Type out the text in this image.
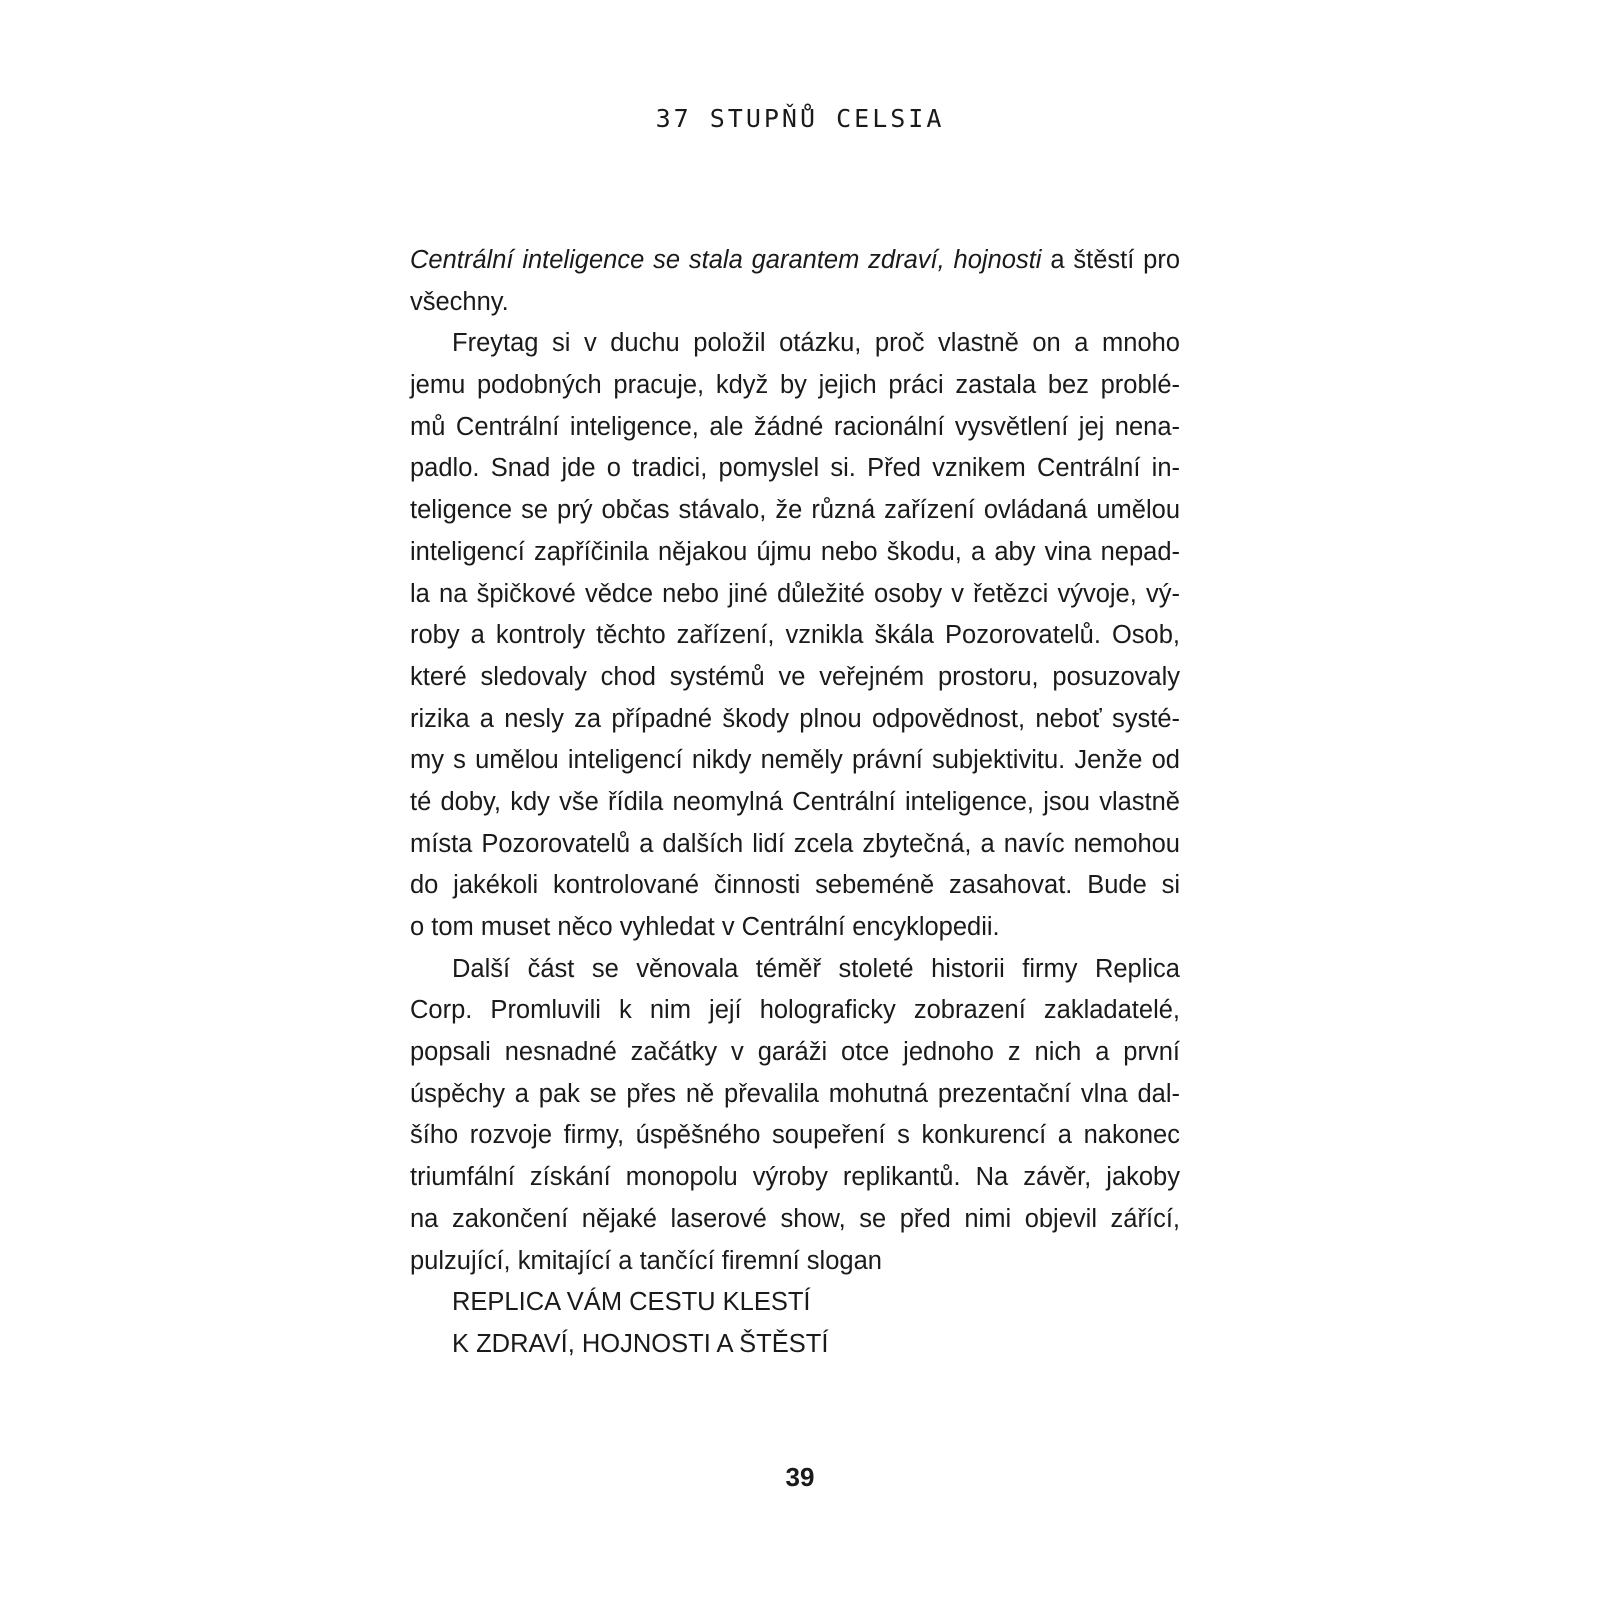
37 STUPŇŮ CELSIA
Centrální inteligence se stala garantem zdraví, hojnosti a štěstí pro
všechny.
Freytag si v duchu položil otázku, proč vlastně on a mnoho
jemu podobných pracuje, když by jejich práci zastala bez problé-
mů Centrální inteligence, ale žádné racionální vysvětlení jej nena-
padlo. Snad jde o tradici, pomyslel si. Před vznikem Centrální in-
teligence se prý občas stávalo, že různá zařízení ovládaná umělou
inteligencí zapříčinila nějakou újmu nebo škodu, a aby vina nepad-
la na špičkové vědce nebo jiné důležité osoby v řetězci vývoje, vý-
roby a kontroly těchto zařízení, vznikla škála Pozorovatelů. Osob,
které sledovaly chod systémů ve veřejném prostoru, posuzovaly
rizika a nesly za případné škody plnou odpovědnost, neboť systé-
my s umělou inteligencí nikdy neměly právní subjektivitu. Jenže od
té doby, kdy vše řídila neomylná Centrální inteligence, jsou vlastně
místa Pozorovatelů a dalších lidí zcela zbytečná, a navíc nemohou
do jakékoli kontrolované činnosti sebeméně zasahovat. Bude si
o tom muset něco vyhledat v Centrální encyklopedii.
Další část se věnovala téměř stoleté historii firmy Replica
Corp. Promluvili k nim její holograficky zobrazení zakladatelé,
popsali nesnadné začátky v garáži otce jednoho z nich a první
úspěchy a pak se přes ně převalila mohutná prezentační vlna dal-
šího rozvoje firmy, úspěšného soupeření s konkurencí a nakonec
triumfální získání monopolu výroby replikantů. Na závěr, jakoby
na zakončení nějaké laserové show, se před nimi objevil zářící,
pulzující, kmitající a tančící firemní slogan
REPLICA VÁM CESTU KLESTÍ
K ZDRAVÍ, HOJNOSTI A ŠTĚSTÍ
39
